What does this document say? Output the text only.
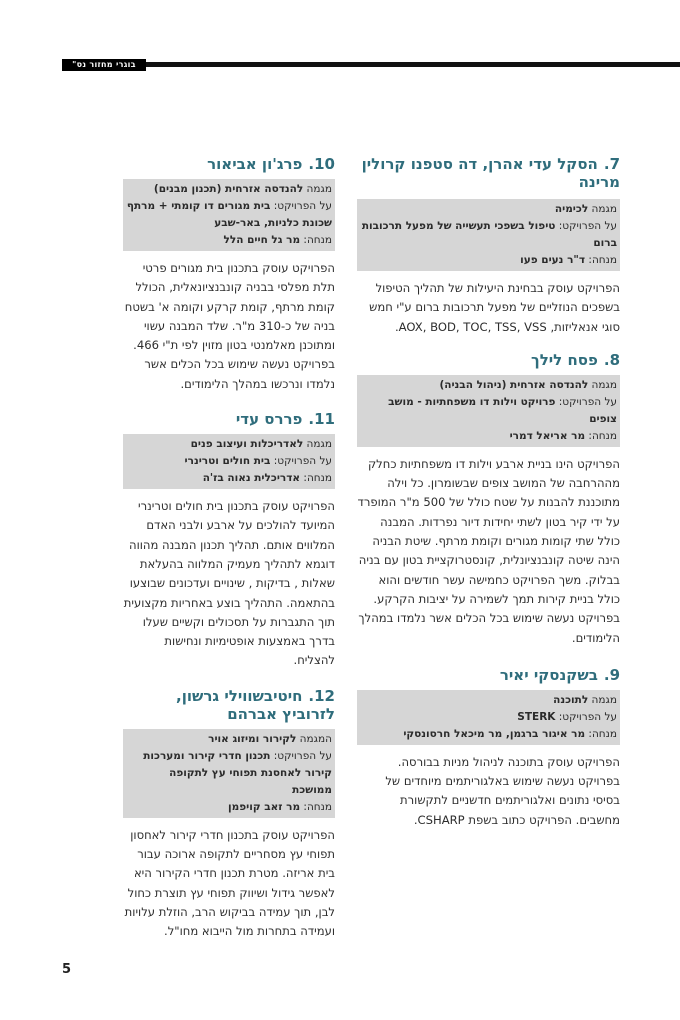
בוגרי מחזור נס"
7.הסקל עדי אהרן, דה סטפנו קרולין מרינה
מגמה לכימיה
על הפרויקט: טיפול בשפכי תעשייה של מפעל תרכובות ברום
מנחה: ד"ר נעים פעו
הפרויקט עוסק בבחינת היעילות של תהליך הטיפול בשפכים הנוזליים של מפעל תרכובות ברום ע"י חמש סוגי אנאליזות, AOX, BOD, TOC, TSS, VSS.
8.פסח לילך
מגמה להנדסה אזרחית (ניהול הבניה)
על הפרויקט: פרויקט וילות דו משפחתיות - מושב צופים
מנחה: מר אריאל דמרי
הפרויקט הינו בניית ארבע וילות דו משפחתיות כחלק מההרחבה של המושב צופים שבשומרון. כל וילה מתוכננת להבנות על שטח כולל של 500 מ"ר המופרד על ידי קיר בטון לשתי יחידות דיור נפרדות. המבנה כולל שתי קומות מגורים וקומת מרתף. שיטת הבניה הינה שיטה קונבנציונלית, קונסטרוקציית בטון עם בניה בבלוק. משך הפרויקט כחמישה עשר חודשים והוא כולל בניית קירות תמך לשמירה על יציבות הקרקע. בפרויקט נעשה שימוש בכל הכלים אשר נלמדו במהלך הלימודים.
9.בשקנסקי יאיר
מגמה לתוכנה
על הפרויקט: STERK
מנחה: מר איגור ברגמן, מר מיכאל חרסונסקי
הפרויקט עוסק בתוכנה לניהול מניות בבורסה. בפרויקט נעשה שימוש באלגוריתמים מיוחדים של בסיסי נתונים ואלגוריתמים חדשניים לתקשורת מחשבים. הפרויקט כתוב בשפת CSHARP.
10.פרג'ון אביאור
מגמה להנדסה אזרחית (תכנון מבנים)
על הפרויקט: בית מגורים דו קומתי + מרתף שכונת כלניות, באר-שבע
מנחה: מר גל חיים הלל
הפרויקט עוסק בתכנון בית מגורים פרטי תלת מפלסי בבניה קונבנציונאלית, הכולל קומת מרתף, קומת קרקע וקומה א' בשטח בניה של כ-310 מ"ר. שלד המבנה עשוי ומתוכנן מאלמנטי בטון מזוין לפי ת"י 466. בפרויקט נעשה שימוש בכל הכלים אשר נלמדו ונרכשו במהלך הלימודים.
11.פררס עדי
מגמה לאדריכלות ועיצוב פנים
על הפרויקט: בית חולים וטרינרי
מנחה: אדריכלית נאוה בז'ה
הפרויקט עוסק בתכנון בית חולים וטרינרי המיועד להולכים על ארבע ולבני האדם המלווים אותם. תהליך תכנון המבנה מהווה דוגמא לתהליך מעמיק המלווה בהעלאת שאלות , בדיקות , שינויים ועדכונים שבוצעו בהתאמה. התהליך בוצע באחריות מקצועית תוך התגברות על תסכולים וקשיים שעלו בדרך באמצעות אופטימיות ונחישות להצליח.
12.חיטיבשווילי גרשון, לזרוביץ אברהם
המגמה לקירור ומיזוג אויר
על הפרויקט: תכנון חדרי קירור ומערכות קירור לאחסנת תפוחי עץ לתקופה ממושכת
מנחה: מר זאב קויפמן
הפרויקט עוסק בתכנון חדרי קירור לאחסון תפוחי עץ מסחריים לתקופה ארוכה עבור בית אריזה. מטרת תכנון חדרי הקירור היא לאפשר גידול ושיווק תפוחי עץ תוצרת כחול לבן, תוך עמידה בביקוש הרב, הוזלת עלויות ועמידה בתחרות מול הייבוא מחו"ל.
5
